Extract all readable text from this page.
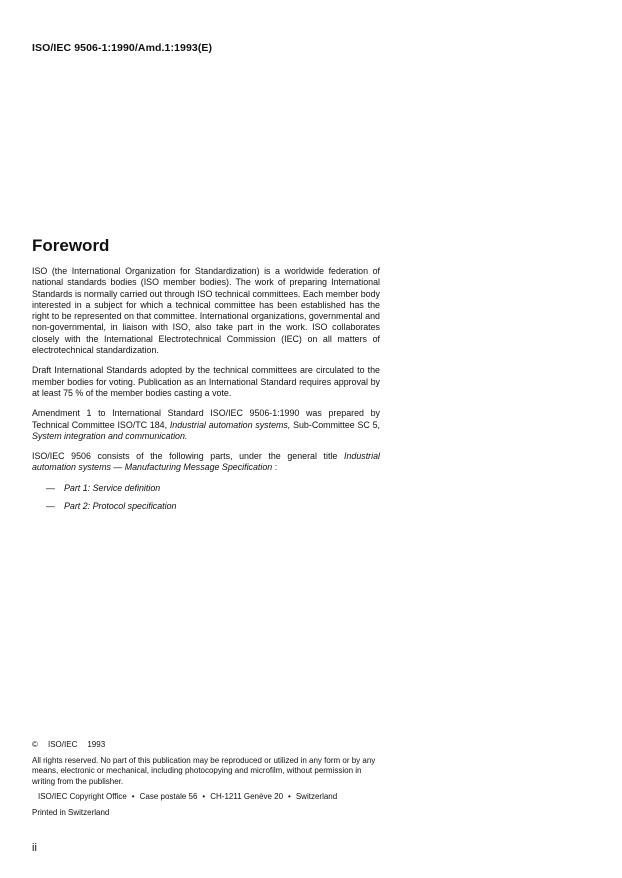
ISO/IEC 9506-1:1990/Amd.1:1993(E)
Foreword

ISO (the International Organization for Standardization) is a worldwide federation of national standards bodies (ISO member bodies). The work of preparing International Standards is normally carried out through ISO technical committees. Each member body interested in a subject for which a technical committee has been established has the right to be represented on that committee. International organizations, governmental and non-governmental, in liaison with ISO, also take part in the work. ISO collaborates closely with the International Electrotechnical Commission (IEC) on all matters of electrotechnical standardization.

Draft International Standards adopted by the technical committees are circulated to the member bodies for voting. Publication as an International Standard requires approval by at least 75 % of the member bodies casting a vote.

Amendment 1 to International Standard ISO/IEC 9506-1:1990 was prepared by Technical Committee ISO/TC 184, Industrial automation systems, Sub-Committee SC 5, System integration and communication.

ISO/IEC 9506 consists of the following parts, under the general title Industrial automation systems — Manufacturing Message Specification :

— Part 1: Service definition
— Part 2: Protocol specification

© ISO/IEC 1993

All rights reserved. No part of this publication may be reproduced or utilized in any form or by any means, electronic or mechanical, including photocopying and microfilm, without permission in writing from the publisher.

ISO/IEC Copyright Office • Case postale 56 • CH-1211 Genève 20 • Switzerland

Printed in Switzerland

ii
